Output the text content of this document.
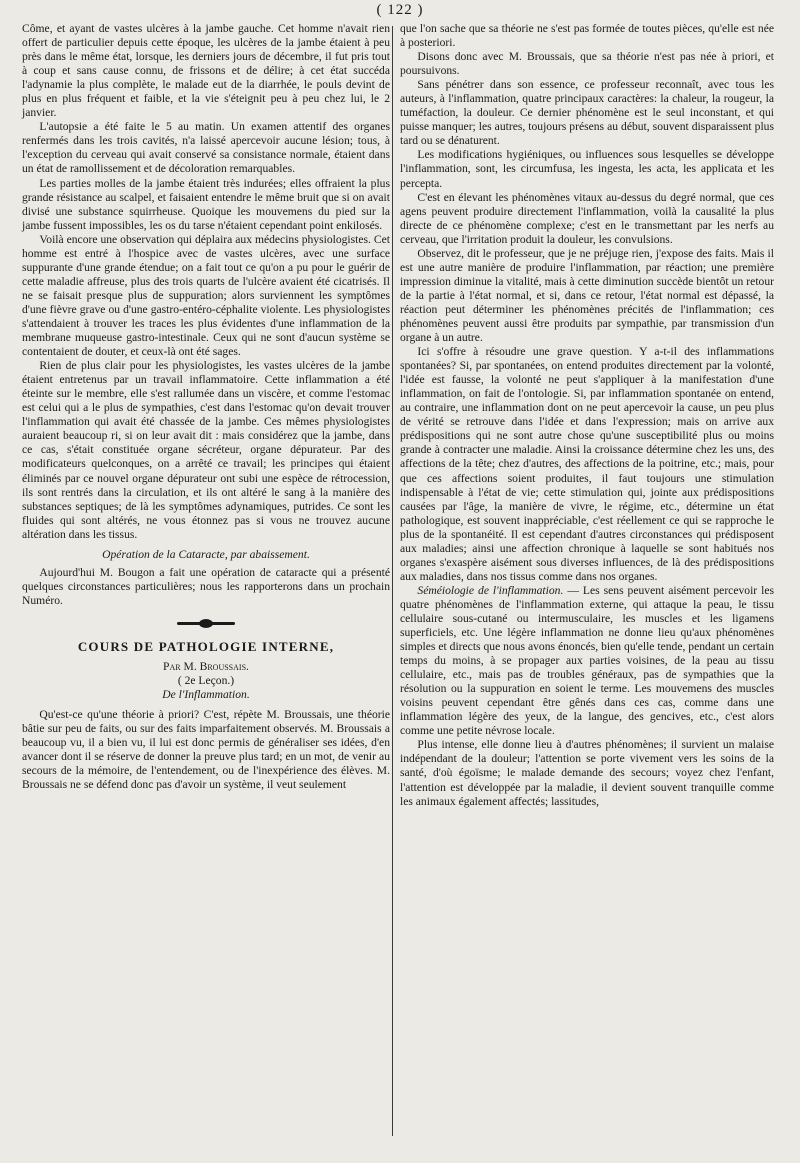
( 122 )

Côme, et ayant de vastes ulcères à la jambe gauche. Cet homme n'avait rien offert de particulier depuis cette époque, les ulcères de la jambe étaient à peu près dans le même état, lorsque, les derniers jours de décembre, il fut pris tout à coup et sans cause connu, de frissons et de délire; à cet état succéda l'adynamie la plus complète, le malade eut de la diarrhée, le pouls devint de plus en plus fréquent et faible, et la vie s'éteignit peu à peu chez lui, le 2 janvier.

L'autopsie a été faite le 5 au matin. Un examen attentif des organes renfermés dans les trois cavités, n'a laissé apercevoir aucune lésion; tous, à l'exception du cerveau qui avait conservé sa consistance normale, étaient dans un état de ramollissement et de décoloration remarquables.

Les parties molles de la jambe étaient très indurées; elles offraient la plus grande résistance au scalpel, et faisaient entendre le même bruit que si on avait divisé une substance squirrheuse. Quoique les mouvemens du pied sur la jambe fussent impossibles, les os du tarse n'étaient cependant point enkilosés.

Voilà encore une observation qui déplaira aux médecins physiologistes. Cet homme est entré à l'hospice avec de vastes ulcères, avec une surface suppurante d'une grande étendue; on a fait tout ce qu'on a pu pour le guérir de cette maladie affreuse, plus des trois quarts de l'ulcère avaient été cicatrisés. Il ne se faisait presque plus de suppuration; alors surviennent les symptômes d'une fièvre grave ou d'une gastro-entéro-céphalite violente. Les physiologistes s'attendaient à trouver les traces les plus évidentes d'une inflammation de la membrane muqueuse gastro-intestinale. Ceux qui ne sont d'aucun système se contentaient de douter, et ceux-là ont été sages.

Rien de plus clair pour les physiologistes, les vastes ulcères de la jambe étaient entretenus par un travail inflammatoire. Cette inflammation a été éteinte sur le membre, elle s'est rallumée dans un viscère, et comme l'estomac est celui qui a le plus de sympathies, c'est dans l'estomac qu'on devait trouver l'inflammation qui avait été chassée de la jambe. Ces mêmes physiologistes auraient beaucoup ri, si on leur avait dit : mais considérez que la jambe, dans ce cas, s'était constituée organe sécréteur, organe dépurateur. Par des modificateurs quelconques, on a arrêté ce travail; les principes qui étaient éliminés par ce nouvel organe dépurateur ont subi une espèce de rétrocession, ils sont rentrés dans la circulation, et ils ont altéré le sang à la manière des substances septiques; de là les symptômes adynamiques, putrides. Ce sont les fluides qui sont altérés, ne vous étonnez pas si vous ne trouvez aucune altération dans les tissus.

Opération de la Cataracte, par abaissement.

Aujourd'hui M. Bougon a fait une opération de cataracte qui a présenté quelques circonstances particulières; nous les rapporterons dans un prochain Numéro.

COURS DE PATHOLOGIE INTERNE,
Par M. Broussais.
( 2e Leçon.)
De l'Inflammation.

Qu'est-ce qu'une théorie à priori? C'est, répète M. Broussais, une théorie bâtie sur peu de faits, ou sur des faits imparfaitement observés. M. Broussais a beaucoup vu, il a bien vu, il lui est donc permis de généraliser ses idées, d'en avancer dont il se réserve de donner la preuve plus tard; en un mot, de venir au secours de la mémoire, de l'entendement, ou de l'inexpérience des élèves. M. Broussais ne se défend donc pas d'avoir un système, il veut seulement

que l'on sache que sa théorie ne s'est pas formée de toutes pièces, qu'elle est née à posteriori.

Disons donc avec M. Broussais, que sa théorie n'est pas née à priori, et poursuivons.

Sans pénétrer dans son essence, ce professeur reconnaît, avec tous les auteurs, à l'inflammation, quatre principaux caractères: la chaleur, la rougeur, la tuméfaction, la douleur. Ce dernier phénomène est le seul inconstant, et qui puisse manquer; les autres, toujours présens au début, souvent disparaissent plus tard ou se dénaturent.

Les modifications hygiéniques, ou influences sous lesquelles se développe l'inflammation, sont, les circumfusa, les ingesta, les acta, les applicata et les percepta.

C'est en élevant les phénomènes vitaux au-dessus du degré normal, que ces agens peuvent produire directement l'inflammation, voilà la causalité la plus directe de ce phénomène complexe; c'est en le transmettant par les nerfs au cerveau, que l'irritation produit la douleur, les convulsions.

Observez, dit le professeur, que je ne préjuge rien, j'expose des faits. Mais il est une autre manière de produire l'inflammation, par réaction; une première impression diminue la vitalité, mais à cette diminution succède bientôt un retour de la partie à l'état normal, et si, dans ce retour, l'état normal est dépassé, la réaction peut déterminer les phénomènes précités de l'inflammation; ces phénomènes peuvent aussi être produits par sympathie, par transmission d'un organe à un autre.

Ici s'offre à résoudre une grave question. Y a-t-il des inflammations spontanées? Si, par spontanées, on entend produites directement par la volonté, l'idée est fausse, la volonté ne peut s'appliquer à la manifestation d'une inflammation, on fait de l'ontologie. Si, par inflammation spontanée on entend, au contraire, une inflammation dont on ne peut apercevoir la cause, un peu plus de vérité se retrouve dans l'idée et dans l'expression; mais on arrive aux prédispositions qui ne sont autre chose qu'une susceptibilité plus ou moins grande à contracter une maladie. Ainsi la croissance détermine chez les uns, des affections de la tête; chez d'autres, des affections de la poitrine, etc.; mais, pour que ces affections soient produites, il faut toujours une stimulation indispensable à l'état de vie; cette stimulation qui, jointe aux prédispositions causées par l'âge, la manière de vivre, le régime, etc., détermine un état pathologique, est souvent inappréciable, c'est réellement ce qui se rapproche le plus de la spontanéité. Il est cependant d'autres circonstances qui prédisposent aux maladies; ainsi une affection chronique à laquelle se sont habitués nos organes s'exaspère aisément sous diverses influences, de là des prédispositions aux maladies, dans nos tissus comme dans nos organes.

Séméiologie de l'inflammation. — Les sens peuvent aisément percevoir les quatre phénomènes de l'inflammation externe, qui attaque la peau, le tissu cellulaire sous-cutané ou intermusculaire, les muscles et les ligamens superficiels, etc. Une légère inflammation ne donne lieu qu'aux phénomènes simples et directs que nous avons énoncés, bien qu'elle tende, pendant un certain temps du moins, à se propager aux parties voisines, de la peau au tissu cellulaire, etc., mais pas de troubles généraux, pas de sympathies que la résolution ou la suppuration en soient le terme. Les mouvemens des muscles voisins peuvent cependant être gênés dans ces cas, comme dans une inflammation légère des yeux, de la langue, des gencives, etc., c'est alors comme une petite névrose locale.

Plus intense, elle donne lieu à d'autres phénomènes; il survient un malaise indépendant de la douleur; l'attention se porte vivement vers les soins de la santé, d'où égoïsme; le malade demande des secours; voyez chez l'enfant, l'attention est développée par la maladie, il devient souvent tranquille comme les animaux également affectés; lassitudes,
